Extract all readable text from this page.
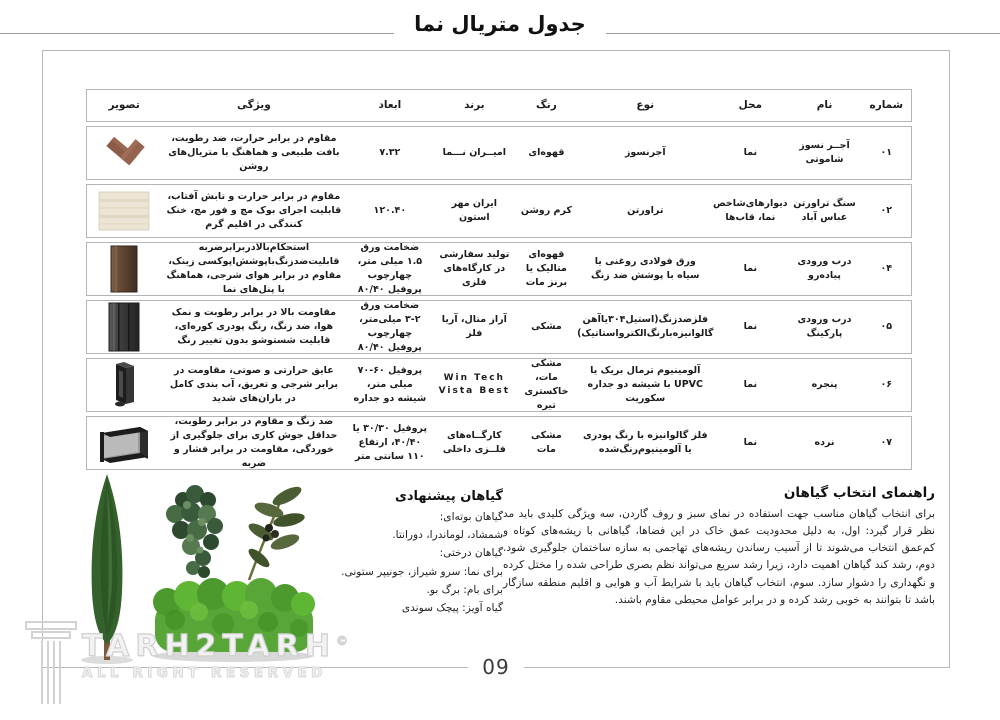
جدول متریال نما
شماره
نام
محل
نوع
رنگ
برند
ابعاد
ویژگی
تصویر
۰۱
آجــر نسوز شاموتی
نما
آجرنسوز
قهوه‌ای
امیــران نـــما
۷.۳۲
مقاوم در برابر حرارت، ضد رطوبت، بافت طبیعی و هماهنگ با متریال‌های روشن
۰۲
سنگ تراورتن عباس آباد
دیوارهای‌شاخص نما، قاب‌ها
تراورتن
کرم روشن
ایران مهر استون
۱۲۰.۴۰
مقاوم در برابر حرارت و تابش آفتاب، قابلیت اجرای بوک مچ و فور مچ، خنک کنندگی در اقلیم گرم
۰۴
درب ورودی پیاده‌رو
نما
ورق فولادی روغنی یا سیاه با پوشش ضد زنگ
قهوه‌ای متالیک یا برنز مات
تولید سفارشی در کارگاه‌های فلزی
ضخامت ورق ۱.۵ میلی متر، چهارچوب پروفیل ۸۰/۴۰
استحکام‌بالادربرابرضربه قابلیت‌ضدزنگ‌باپوشش‌اپوکسی زینک، مقاوم در برابر هوای شرجی، هماهنگ با پنل‌های نما
۰۵
درب ورودی پارکینگ
نما
فلزضدزنگ(استیل۳۰۴یاآهن گالوانیزه‌بارنگ‌الکترواستاتیک)
مشکی
آراز متال، آریا فلز
ضخامت ورق ۲-۳ میلی‌متر، چهارچوب پروفیل ۸۰/۴۰
مقاومت بالا در برابر رطوبت و نمک هوا، ضد زنگ، رنگ پودری کوره‌ای، قابلیت شستوشو بدون تغییر رنگ
۰۶
پنجره
نما
آلومینیوم ترمال بریک یا UPVC با شیشه دو جداره سکوریت
مشکی مات، خاکستری تیره
Win Tech Vista Best
پروفیل ۶۰-۷۰ میلی متر، شیشه دو جداره
عایق حرارتی و صوتی، مقاومت در برابر شرجی و تعریق، آب بندی کامل در باران‌های شدید
۰۷
نرده
نما
فلز گالوانیزه با رنگ پودری یا آلومینیوم‌رنگ‌شده
مشکی مات
کارگــاه‌های فلــزی داخلی
پروفیل ۳۰/۳۰ یا ۴۰/۴۰، ارتفاع ۱۱۰ سانتی متر
ضد زنگ و مقاوم در برابر رطوبت، حداقل جوش کاری برای جلوگیری از خوردگی، مقاومت در برابر فشار و ضربه
راهنمای انتخاب گیاهان

برای انتخاب گیاهان مناسب جهت استفاده در نمای سبز و روف گاردن، سه ویژگی کلیدی باید مد نظر قرار گیرد: اول، به دلیل محدودیت عمق خاک در این فضاها، گیاهانی با ریشه‌های کوتاه و کم‌عمق انتخاب می‌شوند تا از آسیب رساندن ریشه‌های تهاجمی به سازه ساختمان جلوگیری شود. دوم، رشد کند گیاهان اهمیت دارد، زیرا رشد سریع می‌تواند نظم بصری طراحی شده را مختل کرده و نگهداری را دشوار سازد. سوم، انتخاب گیاهان باید با شرایط آب و هوایی و اقلیم منطقه سازگار باشد تا بتوانند به خوبی رشد کرده و در برابر عوامل محیطی مقاوم باشند.

گیاهان پیشنهادی
گیاهان بوته‌ای:
شمشاد، لوماندرا، دورانتا.
گیاهان درختی:
برای نما: سرو شیراز، جونیپر ستونی.
برای بام: برگ بو.
گیاه آویز: پیچک سوندی
TARH2TARH©
ALL RIGHT RESERVED	09
